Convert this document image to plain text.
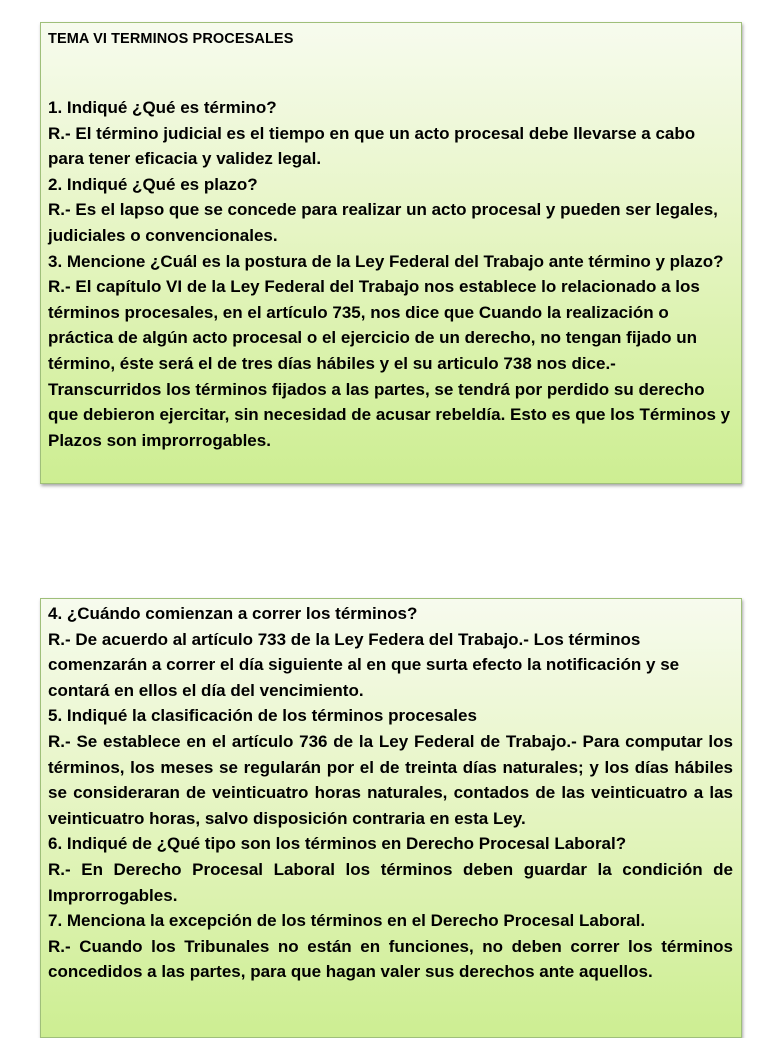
TEMA VI TERMINOS PROCESALES

1. Indiqué ¿Qué es término?

R.- El término judicial es el tiempo en que un acto procesal debe llevarse a cabo para tener eficacia y validez legal.

2. Indiqué ¿Qué es plazo?

R.- Es el lapso que se concede para realizar un acto procesal y pueden ser legales, judiciales o convencionales.

3. Mencione ¿Cuál es la postura de la Ley Federal del Trabajo ante término y plazo?

R.- El capítulo VI de la Ley Federal del Trabajo nos establece lo relacionado a los términos procesales, en el artículo 735, nos dice que Cuando la realización o práctica de algún acto procesal o el ejercicio de un derecho, no tengan fijado un término, éste será el de tres días hábiles y el su articulo 738 nos dice.- Transcurridos los términos fijados a las partes, se tendrá por perdido su derecho que debieron ejercitar, sin necesidad de acusar rebeldía. Esto es que los Términos y Plazos son improrrogables.

4. ¿Cuándo comienzan a correr los términos?

R.- De acuerdo al artículo 733 de la Ley Federa del Trabajo.- Los términos comenzarán a correr el día siguiente al en que surta efecto la notificación y se contará en ellos el día del vencimiento.

5. Indiqué la clasificación de los términos procesales

R.- Se establece en el artículo 736 de la Ley Federal de Trabajo.- Para computar los términos, los meses se regularán por el de treinta días naturales; y los días hábiles se consideraran de veinticuatro horas naturales, contados de las veinticuatro a las veinticuatro horas, salvo disposición contraria en esta Ley.

6. Indiqué de ¿Qué tipo son los términos en Derecho Procesal Laboral?

R.- En Derecho Procesal Laboral los términos deben guardar la condición de Improrrogables.

7. Menciona la excepción de los términos en el Derecho Procesal Laboral.

R.- Cuando los Tribunales no están en funciones, no deben correr los términos concedidos a las partes, para que hagan valer sus derechos ante aquellos.
